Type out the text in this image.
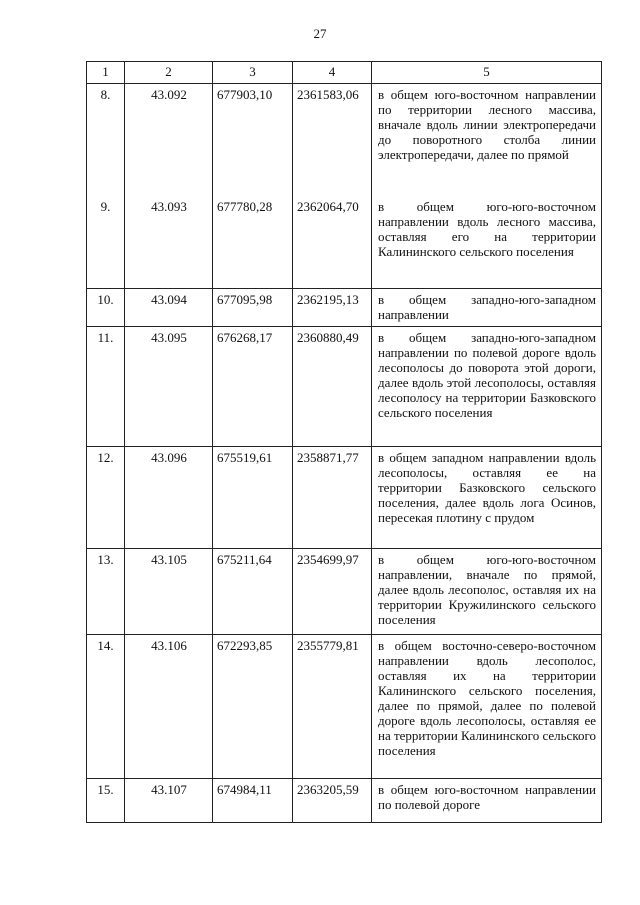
27
1	2	3	4	5
8.	43.092	677903,10	2361583,06	в общем юго-восточном направлении по территории лесного массива, вначале вдоль линии электропередачи до поворотного столба линии электропередачи, далее по прямой
9.	43.093	677780,28	2362064,70	в общем юго-юго-восточном направлении вдоль лесного массива, оставляя его на территории Калининского сельского поселения
10.	43.094	677095,98	2362195,13	в общем западно-юго-западном направлении
11.	43.095	676268,17	2360880,49	в общем западно-юго-западном направлении по полевой дороге вдоль лесополосы до поворота этой дороги, далее вдоль этой лесополосы, оставляя лесополосу на территории Базковского сельского поселения
12.	43.096	675519,61	2358871,77	в общем западном направлении вдоль лесополосы, оставляя ее на территории Базковского сельского поселения, далее вдоль лога Осинов, пересекая плотину с прудом
13.	43.105	675211,64	2354699,97	в общем юго-юго-восточном направлении, вначале по прямой, далее вдоль лесополос, оставляя их на территории Кружилинского сельского поселения
14.	43.106	672293,85	2355779,81	в общем восточно-северо-восточном направлении вдоль лесополос, оставляя их на территории Калининского сельского поселения, далее по прямой, далее по полевой дороге вдоль лесополосы, оставляя ее на территории Калининского сельского поселения
15.	43.107	674984,11	2363205,59	в общем юго-восточном направлении по полевой дороге
